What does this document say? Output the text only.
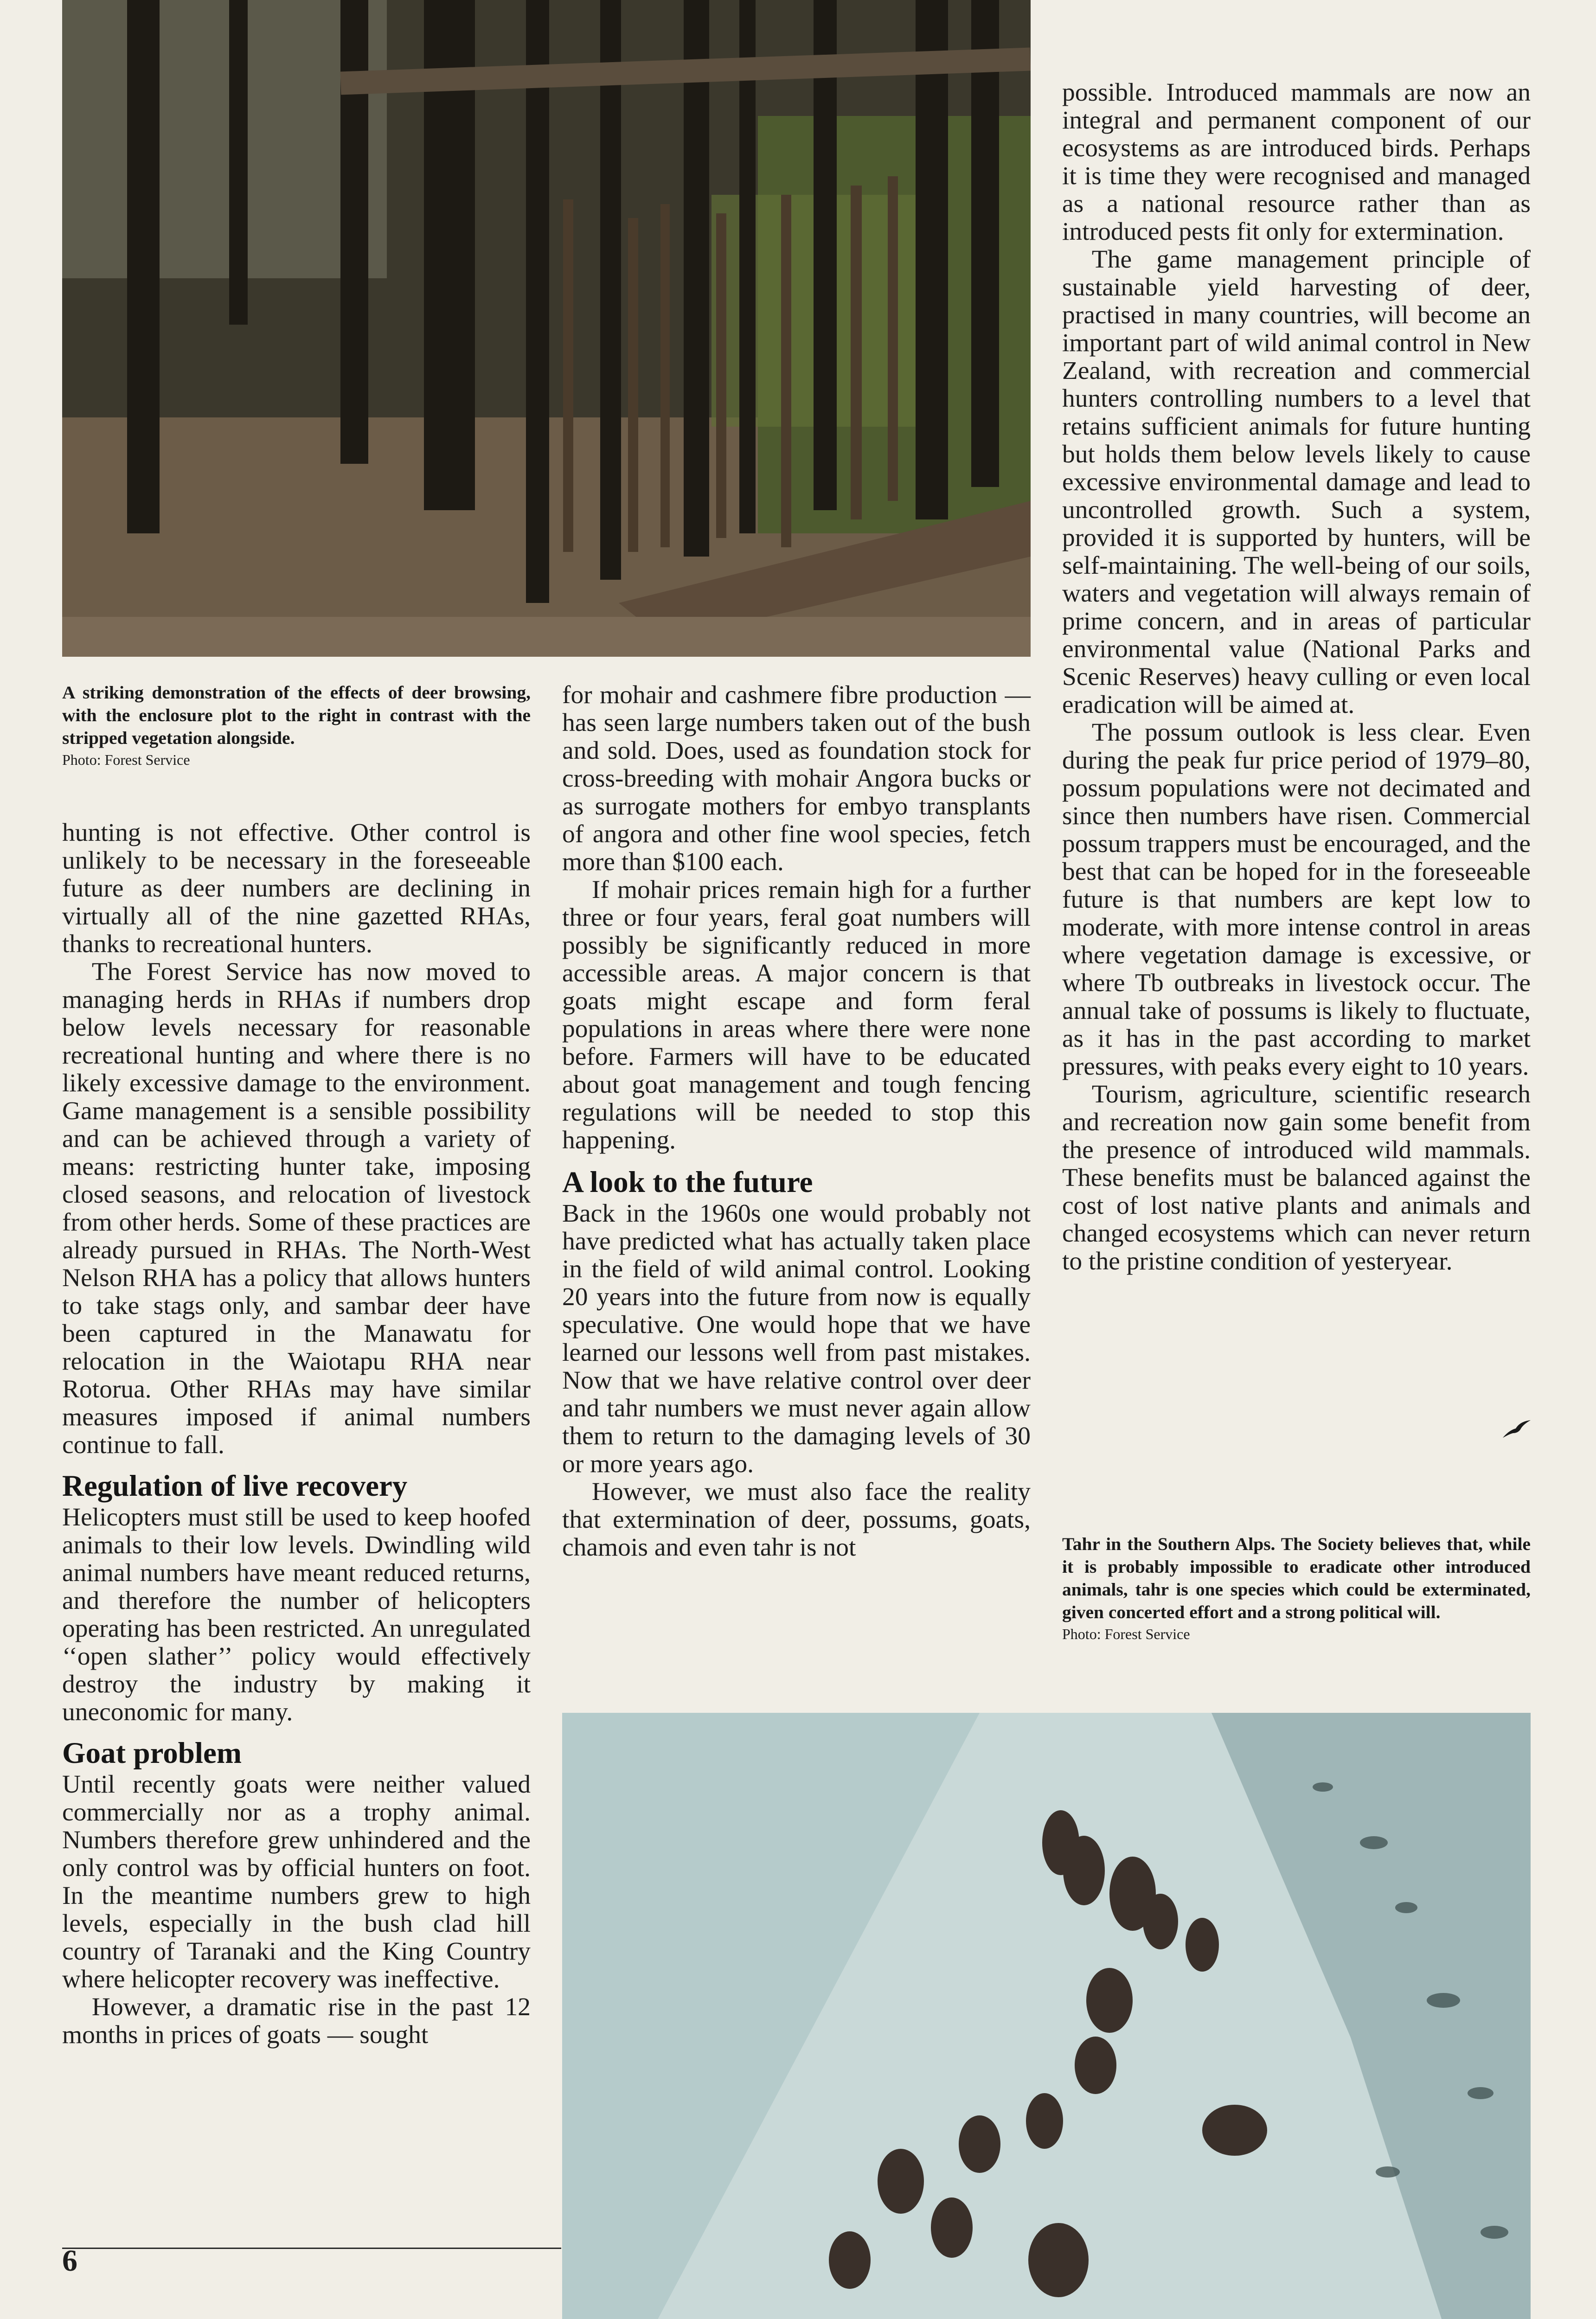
A striking demonstration of the effects of deer browsing, with the enclosure plot to the right in contrast with the stripped vegetation alongside.
Photo: Forest Service

hunting is not effective. Other control is unlikely to be necessary in the foreseeable future as deer numbers are declining in virtually all of the nine gazetted RHAs, thanks to recreational hunters.

The Forest Service has now moved to managing herds in RHAs if numbers drop below levels necessary for reasonable recreational hunting and where there is no likely excessive damage to the environment. Game management is a sensible possibility and can be achieved through a variety of means: restricting hunter take, imposing closed seasons, and relocation of livestock from other herds. Some of these practices are already pursued in RHAs. The North-West Nelson RHA has a policy that allows hunters to take stags only, and sambar deer have been captured in the Manawatu for relocation in the Waiotapu RHA near Rotorua. Other RHAs may have similar measures imposed if animal numbers continue to fall.

Regulation of live recovery

Helicopters must still be used to keep hoofed animals to their low levels. Dwindling wild animal numbers have meant reduced returns, and therefore the number of helicopters operating has been restricted. An unregulated ‘‘open slather’’ policy would effectively destroy the industry by making it uneconomic for many.

Goat problem

Until recently goats were neither valued commercially nor as a trophy animal. Numbers therefore grew unhindered and the only control was by official hunters on foot. In the meantime numbers grew to high levels, especially in the bush clad hill country of Taranaki and the King Country where helicopter recovery was ineffective.

However, a dramatic rise in the past 12 months in prices of goats — sought

for mohair and cashmere fibre production — has seen large numbers taken out of the bush and sold. Does, used as foundation stock for cross-breeding with mohair Angora bucks or as surrogate mothers for embyo transplants of angora and other fine wool species, fetch more than $100 each.

If mohair prices remain high for a further three or four years, feral goat numbers will possibly be significantly reduced in more accessible areas. A major concern is that goats might escape and form feral populations in areas where there were none before. Farmers will have to be educated about goat management and tough fencing regulations will be needed to stop this happening.

A look to the future

Back in the 1960s one would probably not have predicted what has actually taken place in the field of wild animal control. Looking 20 years into the future from now is equally speculative. One would hope that we have learned our lessons well from past mistakes. Now that we have relative control over deer and tahr numbers we must never again allow them to return to the damaging levels of 30 or more years ago.

However, we must also face the reality that extermination of deer, possums, goats, chamois and even tahr is not

possible. Introduced mammals are now an integral and permanent component of our ecosystems as are introduced birds. Perhaps it is time they were recognised and managed as a national resource rather than as introduced pests fit only for extermination.

The game management principle of sustainable yield harvesting of deer, practised in many countries, will become an important part of wild animal control in New Zealand, with recreation and commercial hunters controlling numbers to a level that retains sufficient animals for future hunting but holds them below levels likely to cause excessive environmental damage and lead to uncontrolled growth. Such a system, provided it is supported by hunters, will be self-maintaining. The well-being of our soils, waters and vegetation will always remain of prime concern, and in areas of particular environmental value (National Parks and Scenic Reserves) heavy culling or even local eradication will be aimed at.

The possum outlook is less clear. Even during the peak fur price period of 1979–80, possum populations were not decimated and since then numbers have risen. Commercial possum trappers must be encouraged, and the best that can be hoped for in the foreseeable future is that numbers are kept low to moderate, with more intense control in areas where vegetation damage is excessive, or where Tb outbreaks in livestock occur. The annual take of possums is likely to fluctuate, as it has in the past according to market pressures, with peaks every eight to 10 years.

Tourism, agriculture, scientific research and recreation now gain some benefit from the presence of introduced wild mammals. These benefits must be balanced against the cost of lost native plants and animals and changed ecosystems which can never return to the pristine condition of yesteryear.

Tahr in the Southern Alps. The Society believes that, while it is probably impossible to eradicate other introduced animals, tahr is one species which could be exterminated, given concerted effort and a strong political will.
Photo: Forest Service
6
